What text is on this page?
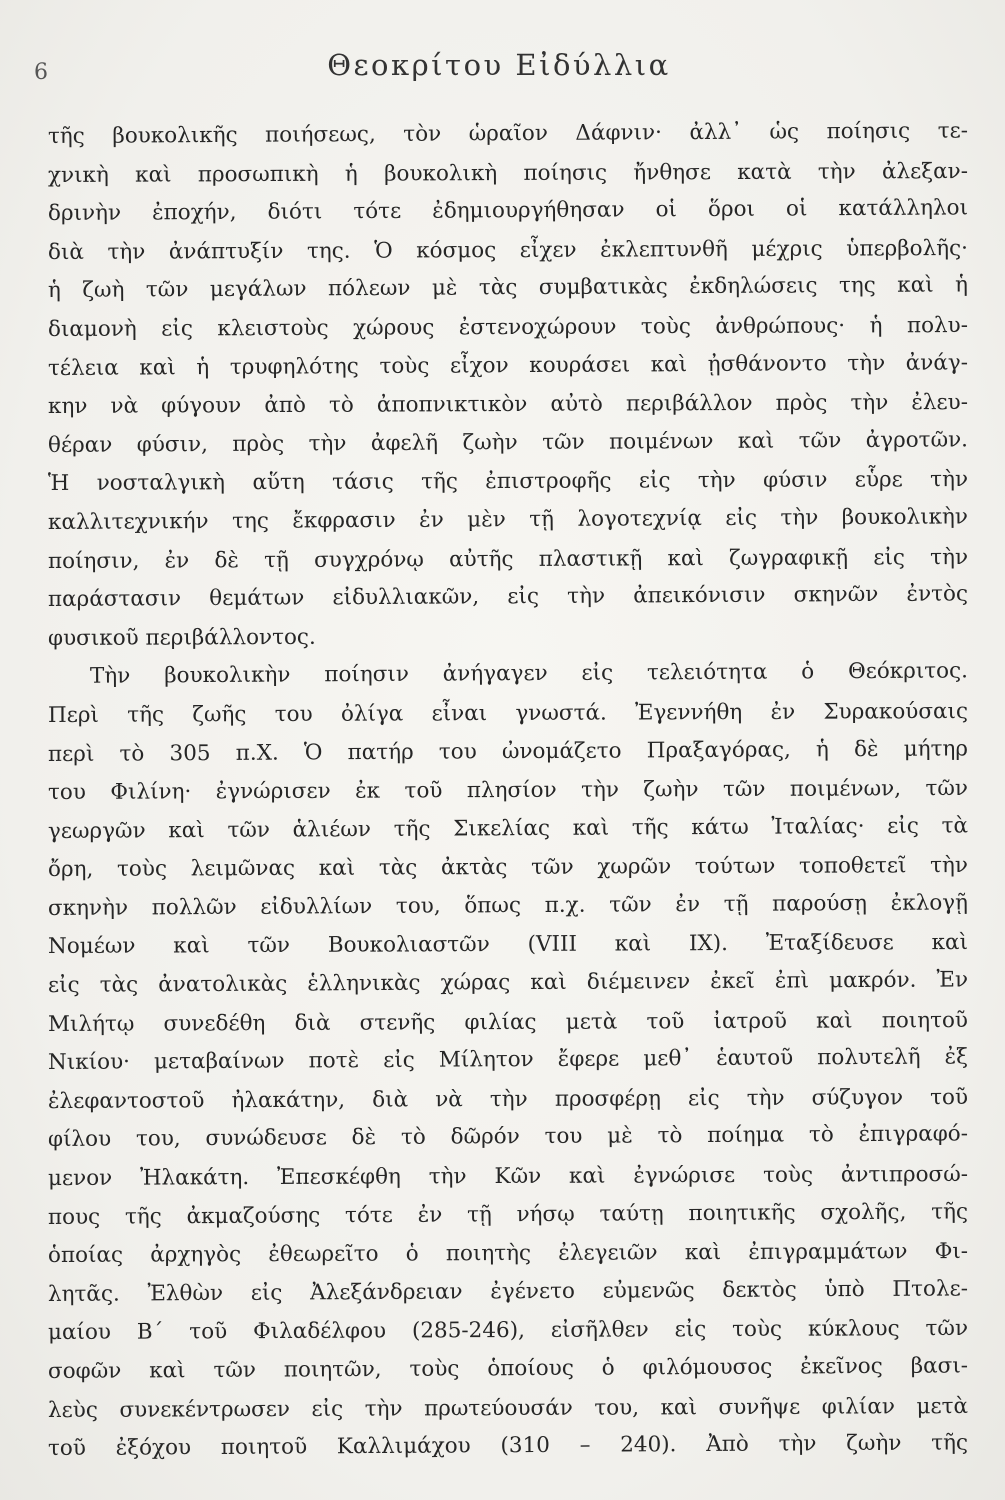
6	Θεοκρίτου Εἰδύλλια
τῆς βουκολικῆς ποιήσεως, τὸν ὡραῖον Δάφνιν· ἀλλ᾽ ὡς ποίησις τε-
χνικὴ καὶ προσωπικὴ ἡ βουκολικὴ ποίησις ἤνθησε κατὰ τὴν ἀλεξαν-
δρινὴν ἐποχήν, διότι τότε ἐδημιουργήθησαν οἱ ὅροι οἱ κατάλληλοι
διὰ τὴν ἀνάπτυξίν της. Ὁ κόσμος εἶχεν ἐκλεπτυνθῆ μέχρις ὑπερβολῆς·
ἡ ζωὴ τῶν μεγάλων πόλεων μὲ τὰς συμβατικὰς ἐκδηλώσεις της καὶ ἡ
διαμονὴ εἰς κλειστοὺς χώρους ἐστενοχώρουν τοὺς ἀνθρώπους· ἡ πολυ-
τέλεια καὶ ἡ τρυφηλότης τοὺς εἶχον κουράσει καὶ ᾐσθάνοντο τὴν ἀνάγ-
κην νὰ φύγουν ἀπὸ τὸ ἀποπνικτικὸν αὐτὸ περιβάλλον πρὸς τὴν ἐλευ-
θέραν φύσιν, πρὸς τὴν ἀφελῆ ζωὴν τῶν ποιμένων καὶ τῶν ἀγροτῶν.
Ἡ νοσταλγικὴ αὕτη τάσις τῆς ἐπιστροφῆς εἰς τὴν φύσιν εὗρε τὴν
καλλιτεχνικήν της ἔκφρασιν ἐν μὲν τῇ λογοτεχνίᾳ εἰς τὴν βουκολικὴν
ποίησιν, ἐν δὲ τῇ συγχρόνῳ αὐτῆς πλαστικῇ καὶ ζωγραφικῇ εἰς τὴν
παράστασιν θεμάτων εἰδυλλιακῶν, εἰς τὴν ἀπεικόνισιν σκηνῶν ἐντὸς
φυσικοῦ περιβάλλοντος.
Τὴν βουκολικὴν ποίησιν ἀνήγαγεν εἰς τελειότητα ὁ Θεόκριτος.
Περὶ τῆς ζωῆς του ὀλίγα εἶναι γνωστά. Ἐγεννήθη ἐν Συρακούσαις
περὶ τὸ 305 π.Χ. Ὁ πατήρ του ὠνομάζετο Πραξαγόρας, ἡ δὲ μήτηρ
του Φιλίνη· ἐγνώρισεν ἐκ τοῦ πλησίον τὴν ζωὴν τῶν ποιμένων, τῶν
γεωργῶν καὶ τῶν ἁλιέων τῆς Σικελίας καὶ τῆς κάτω Ἰταλίας· εἰς τὰ
ὄρη, τοὺς λειμῶνας καὶ τὰς ἀκτὰς τῶν χωρῶν τούτων τοποθετεῖ τὴν
σκηνὴν πολλῶν εἰδυλλίων του, ὅπως π.χ. τῶν ἐν τῇ παρούσῃ ἐκλογῇ
Νομέων καὶ τῶν Βουκολιαστῶν (VIII καὶ IX). Ἐταξίδευσε καὶ
εἰς τὰς ἀνατολικὰς ἑλληνικὰς χώρας καὶ διέμεινεν ἐκεῖ ἐπὶ μακρόν. Ἐν
Μιλήτῳ συνεδέθη διὰ στενῆς φιλίας μετὰ τοῦ ἰατροῦ καὶ ποιητοῦ
Νικίου· μεταβαίνων ποτὲ εἰς Μίλητον ἔφερε μεθ᾽ ἑαυτοῦ πολυτελῆ ἐξ
ἐλεφαντοστοῦ ἠλακάτην, διὰ νὰ τὴν προσφέρῃ εἰς τὴν σύζυγον τοῦ
φίλου του, συνώδευσε δὲ τὸ δῶρόν του μὲ τὸ ποίημα τὸ ἐπιγραφό-
μενον Ἠλακάτη. Ἐπεσκέφθη τὴν Κῶν καὶ ἐγνώρισε τοὺς ἀντιπροσώ-
πους τῆς ἀκμαζούσης τότε ἐν τῇ νήσῳ ταύτῃ ποιητικῆς σχολῆς, τῆς
ὁποίας ἀρχηγὸς ἐθεωρεῖτο ὁ ποιητὴς ἐλεγειῶν καὶ ἐπιγραμμάτων Φι-
λητᾶς. Ἐλθὼν εἰς Ἀλεξάνδρειαν ἐγένετο εὐμενῶς δεκτὸς ὑπὸ Πτολε-
μαίου Β΄ τοῦ Φιλαδέλφου (285-246), εἰσῆλθεν εἰς τοὺς κύκλους τῶν
σοφῶν καὶ τῶν ποιητῶν, τοὺς ὁποίους ὁ φιλόμουσος ἐκεῖνος βασι-
λεὺς συνεκέντρωσεν εἰς τὴν πρωτεύουσάν του, καὶ συνῆψε φιλίαν μετὰ
τοῦ ἐξόχου ποιητοῦ Καλλιμάχου (310 – 240). Ἀπὸ τὴν ζωὴν τῆς
